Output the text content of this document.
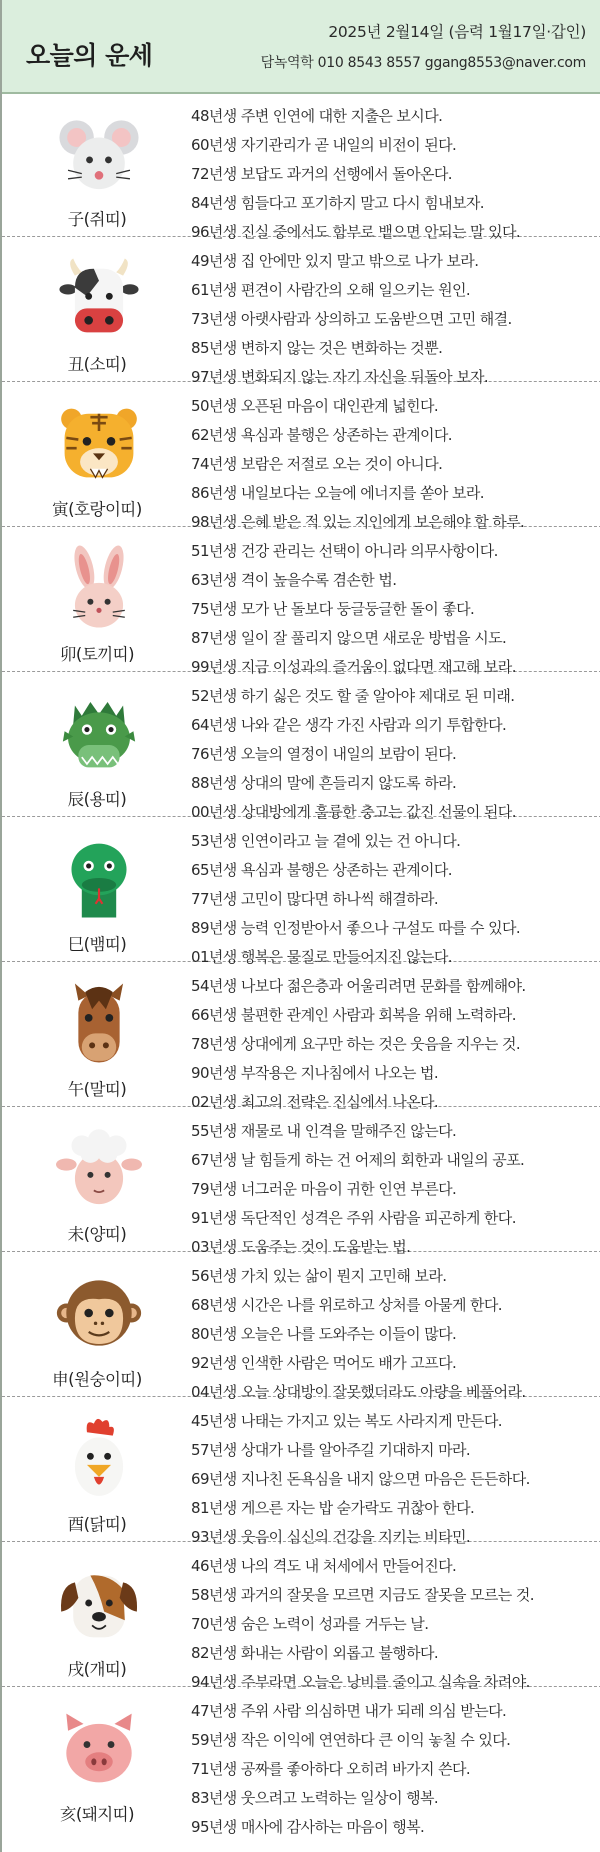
오늘의 운세
2025년 2월14일 (음력 1월17일·갑인)
담녹역학 010 8543 8557 ggang8553@naver.com
子(쥐띠)
48년생 주변 인연에 대한 지출은 보시다.
60년생 자기관리가 곧 내일의 비전이 된다.
72년생 보답도 과거의 선행에서 돌아온다.
84년생 힘들다고 포기하지 말고 다시 힘내보자.
96년생 진실 중에서도 함부로 뱉으면 안되는 말 있다.
丑(소띠)
49년생 집 안에만 있지 말고 밖으로 나가 보라.
61년생 편견이 사람간의 오해 일으키는 원인.
73년생 아랫사람과 상의하고 도움받으면 고민 해결.
85년생 변하지 않는 것은 변화하는 것뿐.
97년생 변화되지 않는 자기 자신을 뒤돌아 보자.
寅(호랑이띠)
50년생 오픈된 마음이 대인관계 넓힌다.
62년생 욕심과 불행은 상존하는 관계이다.
74년생 보람은 저절로 오는 것이 아니다.
86년생 내일보다는 오늘에 에너지를 쏟아 보라.
98년생 은혜 받은 적 있는 지인에게 보은해야 할 하루.
卯(토끼띠)
51년생 건강 관리는 선택이 아니라 의무사항이다.
63년생 격이 높을수록 겸손한 법.
75년생 모가 난 돌보다 둥글둥글한 돌이 좋다.
87년생 일이 잘 풀리지 않으면 새로운 방법을 시도.
99년생 지금 이성과의 즐거움이 없다면 재고해 보라.
辰(용띠)
52년생 하기 싫은 것도 할 줄 알아야 제대로 된 미래.
64년생 나와 같은 생각 가진 사람과 의기 투합한다.
76년생 오늘의 열정이 내일의 보람이 된다.
88년생 상대의 말에 흔들리지 않도록 하라.
00년생 상대방에게 훌륭한 충고는 값진 선물이 된다.
巳(뱀띠)
53년생 인연이라고 늘 곁에 있는 건 아니다.
65년생 욕심과 불행은 상존하는 관계이다.
77년생 고민이 많다면 하나씩 해결하라.
89년생 능력 인정받아서 좋으나 구설도 따를 수 있다.
01년생 행복은 물질로 만들어지진 않는다.
午(말띠)
54년생 나보다 젊은층과 어울리려면 문화를 함께해야.
66년생 불편한 관계인 사람과 회복을 위해 노력하라.
78년생 상대에게 요구만 하는 것은 웃음을 지우는 것.
90년생 부작용은 지나침에서 나오는 법.
02년생 최고의 전략은 진심에서 나온다.
未(양띠)
55년생 재물로 내 인격을 말해주진 않는다.
67년생 날 힘들게 하는 건 어제의 회한과 내일의 공포.
79년생 너그러운 마음이 귀한 인연 부른다.
91년생 독단적인 성격은 주위 사람을 피곤하게 한다.
03년생 도움주는 것이 도움받는 법.
申(원숭이띠)
56년생 가치 있는 삶이 뭔지 고민해 보라.
68년생 시간은 나를 위로하고 상처를 아물게 한다.
80년생 오늘은 나를 도와주는 이들이 많다.
92년생 인색한 사람은 먹어도 배가 고프다.
04년생 오늘 상대방이 잘못했더라도 아량을 베풀어라.
酉(닭띠)
45년생 나태는 가지고 있는 복도 사라지게 만든다.
57년생 상대가 나를 알아주길 기대하지 마라.
69년생 지나친 돈욕심을 내지 않으면 마음은 든든하다.
81년생 게으른 자는 밥 숟가락도 귀찮아 한다.
93년생 웃음이 심신의 건강을 지키는 비타민.
戌(개띠)
46년생 나의 격도 내 처세에서 만들어진다.
58년생 과거의 잘못을 모르면 지금도 잘못을 모르는 것.
70년생 숨은 노력이 성과를 거두는 날.
82년생 화내는 사람이 외롭고 불행하다.
94년생 주부라면 오늘은 낭비를 줄이고 실속을 차려야.
亥(돼지띠)
47년생 주위 사람 의심하면 내가 되레 의심 받는다.
59년생 작은 이익에 연연하다 큰 이익 놓칠 수 있다.
71년생 공짜를 좋아하다 오히려 바가지 쓴다.
83년생 웃으려고 노력하는 일상이 행복.
95년생 매사에 감사하는 마음이 행복.
